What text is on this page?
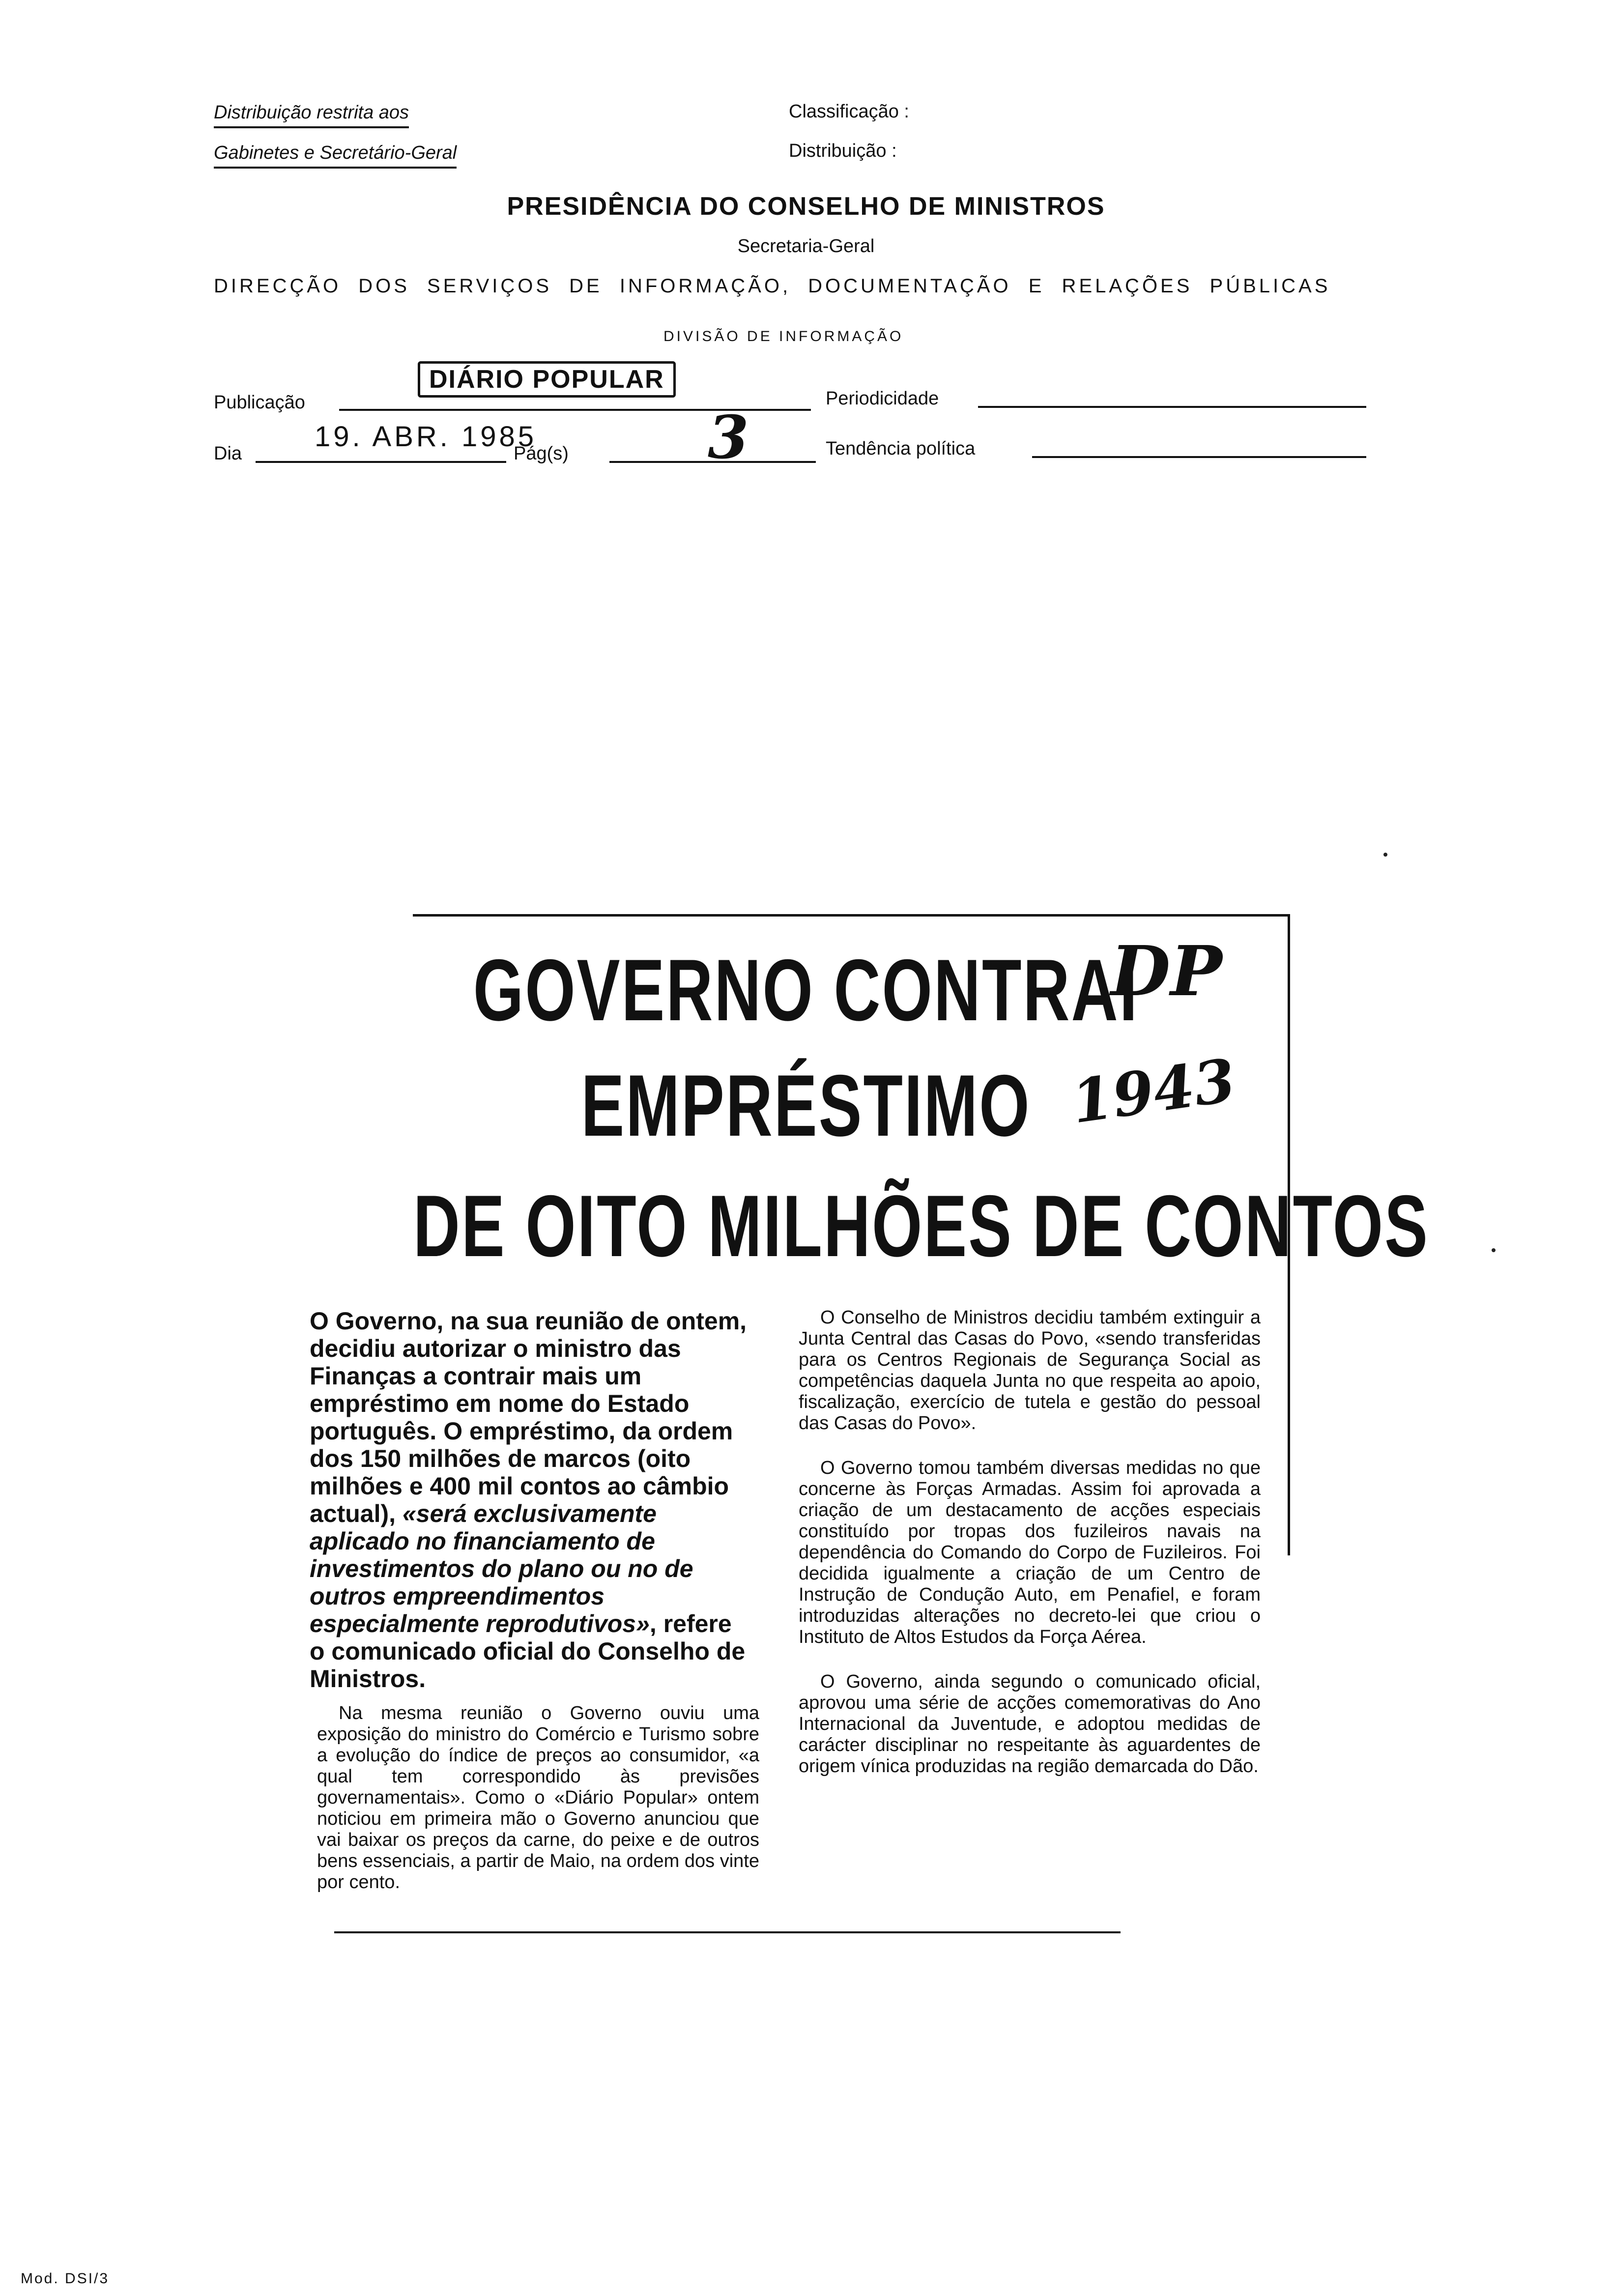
Distribuição restrita aos
Gabinetes e Secretário-Geral
Classificação :
Distribuição :
PRESIDÊNCIA DO CONSELHO DE MINISTROS
Secretaria-Geral
DIRECÇÃO DOS SERVIÇOS DE INFORMAÇÃO, DOCUMENTAÇÃO E RELAÇÕES PÚBLICAS
DIVISÃO DE INFORMAÇÃO
Publicação
DIÁRIO POPULAR
Periodicidade
Dia
19. ABR. 1985
Pág(s) 3	Tendência política
GOVERNO CONTRAI
EMPRÉSTIMO
DE OITO MILHÕES DE CONTOS
DP
1943
O Governo, na sua reunião de ontem, decidiu autorizar o ministro das Finanças a contrair mais um empréstimo em nome do Estado português. O empréstimo, da ordem dos 150 milhões de marcos (oito milhões e 400 mil contos ao câmbio actual), «será exclusivamente aplicado no financiamento de investimentos do plano ou no de outros empreendimentos especialmente reprodutivos», refere o comunicado oficial do Conselho de Ministros.

Na mesma reunião o Governo ouviu uma exposição do ministro do Comércio e Turismo sobre a evolução do índice de preços ao consumidor, «a qual tem correspondido às previsões governamentais». Como o «Diário Popular» ontem noticiou em primeira mão o Governo anunciou que vai baixar os preços da carne, do peixe e de outros bens essenciais, a partir de Maio, na ordem dos vinte por cento.

O Conselho de Ministros decidiu também extinguir a Junta Central das Casas do Povo, «sendo transferidas para os Centros Regionais de Segurança Social as competências daquela Junta no que respeita ao apoio, fiscalização, exercício de tutela e gestão do pessoal das Casas do Povo».

O Governo tomou também diversas medidas no que concerne às Forças Armadas. Assim foi aprovada a criação de um destacamento de acções especiais constituído por tropas dos fuzileiros navais na dependência do Comando do Corpo de Fuzileiros. Foi decidida igualmente a criação de um Centro de Instrução de Condução Auto, em Penafiel, e foram introduzidas alterações no decreto-lei que criou o Instituto de Altos Estudos da Força Aérea.

O Governo, ainda segundo o comunicado oficial, aprovou uma série de acções comemorativas do Ano Internacional da Juventude, e adoptou medidas de carácter disciplinar no respeitante às aguardentes de origem vínica produzidas na região demarcada do Dão.

Mod. DSI/3
